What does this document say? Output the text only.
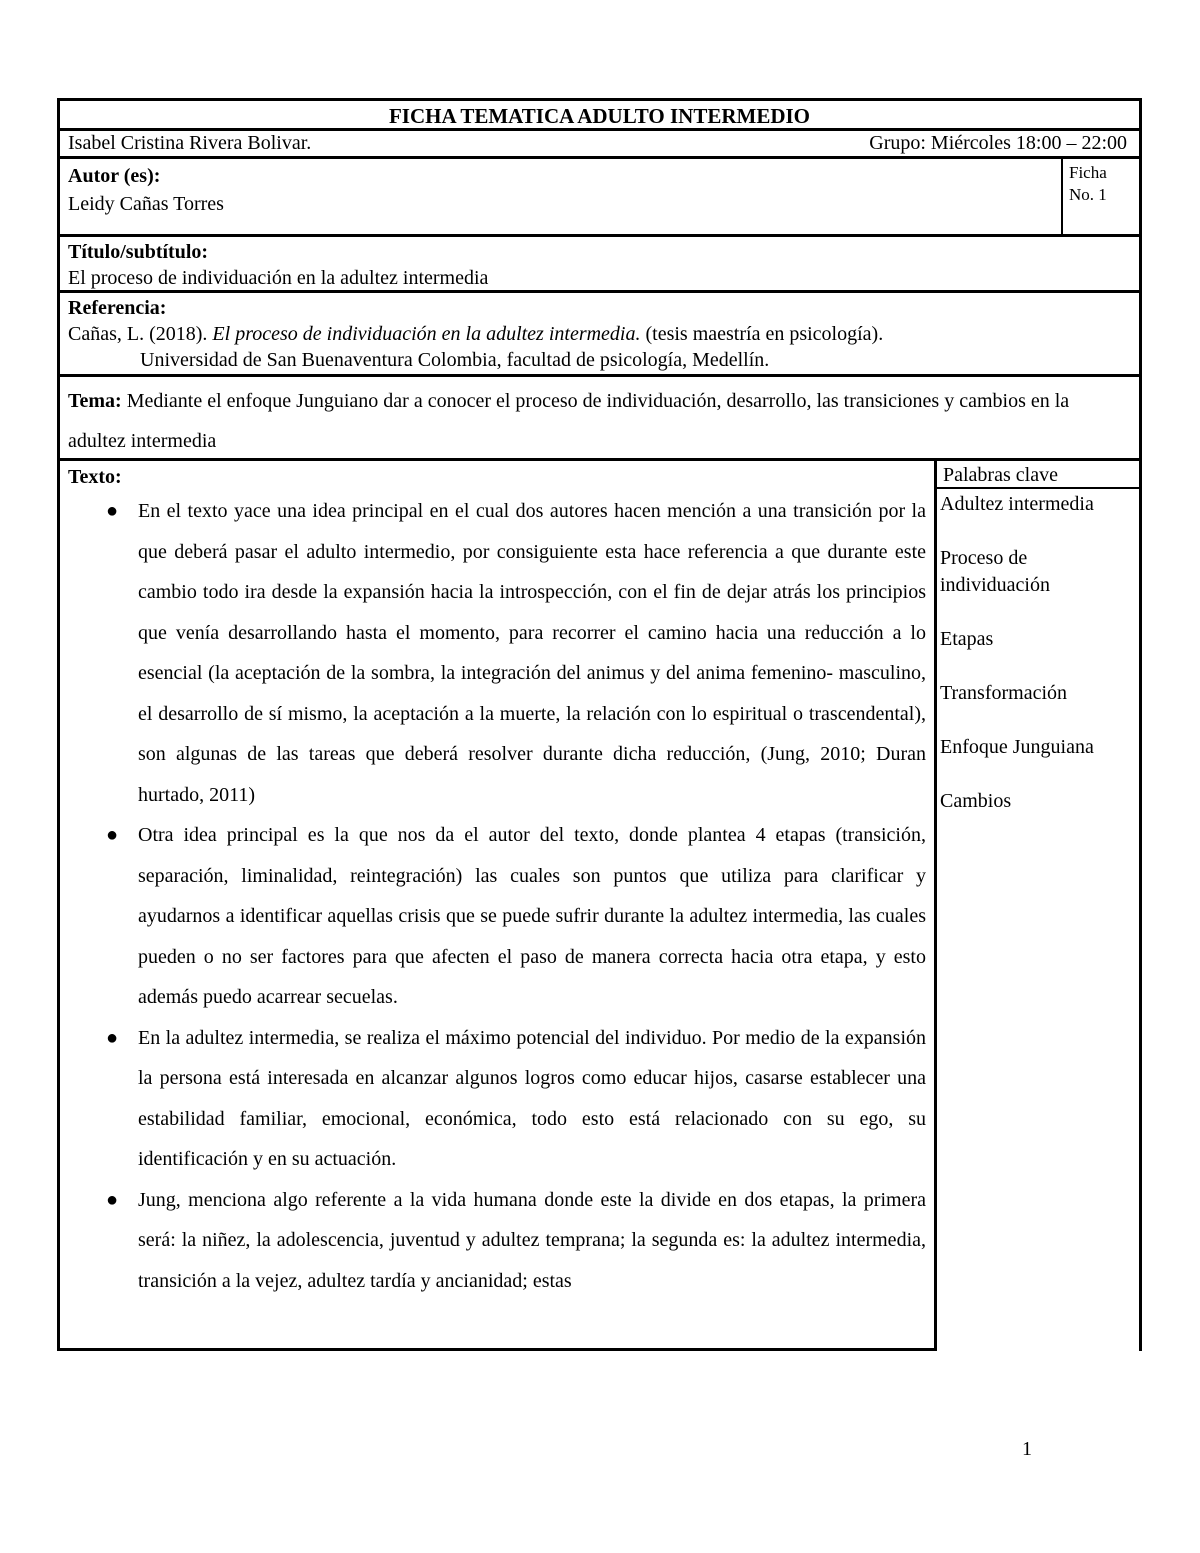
FICHA TEMATICA ADULTO INTERMEDIO
Isabel Cristina Rivera Bolivar.	Grupo: Miércoles 18:00 – 22:00
Autor (es):
Leidy Cañas Torres
Ficha
No. 1
Título/subtítulo:
El proceso de individuación en la adultez intermedia
Referencia:
Cañas, L. (2018). El proceso de individuación en la adultez intermedia. (tesis maestría en psicología).
Universidad de San Buenaventura Colombia, facultad de psicología, Medellín.
Tema: Mediante el enfoque Junguiano dar a conocer el proceso de individuación, desarrollo, las transiciones y cambios en la adultez intermedia
Texto:
● En el texto yace una idea principal en el cual dos autores hacen mención a una transición por la que deberá pasar el adulto intermedio, por consiguiente esta hace referencia a que durante este cambio todo ira desde la expansión hacia la introspección, con el fin de dejar atrás los principios que venía desarrollando hasta el momento, para recorrer el camino hacia una reducción a lo esencial (la aceptación de la sombra, la integración del animus y del anima femenino- masculino, el desarrollo de sí mismo, la aceptación a la muerte, la relación con lo espiritual o trascendental), son algunas de las tareas que deberá resolver durante dicha reducción, (Jung, 2010; Duran hurtado, 2011)
● Otra idea principal es la que nos da el autor del texto, donde plantea 4 etapas (transición, separación, liminalidad, reintegración) las cuales son puntos que utiliza para clarificar y ayudarnos a identificar aquellas crisis que se puede sufrir durante la adultez intermedia, las cuales pueden o no ser factores para que afecten el paso de manera correcta hacia otra etapa, y esto además puedo acarrear secuelas.
● En la adultez intermedia, se realiza el máximo potencial del individuo. Por medio de la expansión la persona está interesada en alcanzar algunos logros como educar hijos, casarse establecer una estabilidad familiar, emocional, económica, todo esto está relacionado con su ego, su identificación y en su actuación.
● Jung, menciona algo referente a la vida humana donde este la divide en dos etapas, la primera será: la niñez, la adolescencia, juventud y adultez temprana; la segunda es: la adultez intermedia, transición a la vejez, adultez tardía y ancianidad; estas
Palabras clave
Adultez intermedia
Proceso de individuación
Etapas
Transformación
Enfoque Junguiana
Cambios
1
